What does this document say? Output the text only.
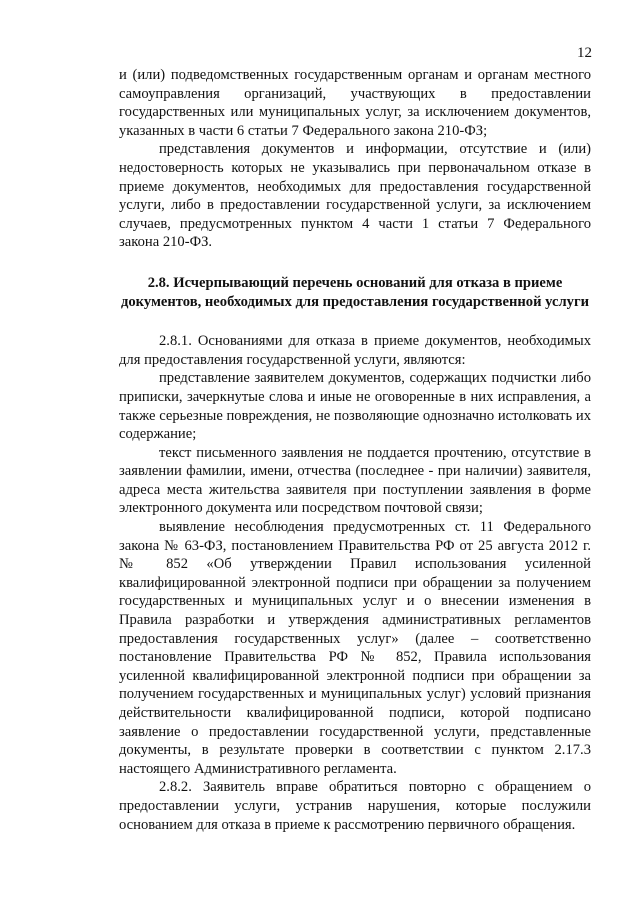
12

и (или) подведомственных государственным органам и органам местного самоуправления организаций, участвующих в предоставлении государственных или муниципальных услуг, за исключением документов, указанных в части 6 статьи 7 Федерального закона 210-ФЗ;

представления документов и информации, отсутствие и (или) недостоверность которых не указывались при первоначальном отказе в приеме документов, необходимых для предоставления государственной услуги, либо в предоставлении государственной услуги, за исключением случаев, предусмотренных пунктом 4 части 1 статьи 7 Федерального закона 210-ФЗ.

2.8. Исчерпывающий перечень оснований для отказа в приеме документов, необходимых для предоставления государственной услуги

2.8.1. Основаниями для отказа в приеме документов, необходимых для предоставления государственной услуги, являются:

представление заявителем документов, содержащих подчистки либо приписки, зачеркнутые слова и иные не оговоренные в них исправления, а также серьезные повреждения, не позволяющие однозначно истолковать их содержание;

текст письменного заявления не поддается прочтению, отсутствие в заявлении фамилии, имени, отчества (последнее - при наличии) заявителя, адреса места жительства заявителя при поступлении заявления в форме электронного документа или посредством почтовой связи;

выявление несоблюдения предусмотренных ст. 11 Федерального закона № 63-ФЗ, постановлением Правительства РФ от 25 августа 2012 г. № 852 «Об утверждении Правил использования усиленной квалифицированной электронной подписи при обращении за получением государственных и муниципальных услуг и о внесении изменения в Правила разработки и утверждения административных регламентов предоставления государственных услуг» (далее – соответственно постановление Правительства РФ № 852, Правила использования усиленной квалифицированной электронной подписи при обращении за получением государственных и муниципальных услуг) условий признания действительности квалифицированной подписи, которой подписано заявление о предоставлении государственной услуги, представленные документы, в результате проверки в соответствии с пунктом 2.17.3 настоящего Административного регламента.

2.8.2. Заявитель вправе обратиться повторно с обращением о предоставлении услуги, устранив нарушения, которые послужили основанием для отказа в приеме к рассмотрению первичного обращения.
